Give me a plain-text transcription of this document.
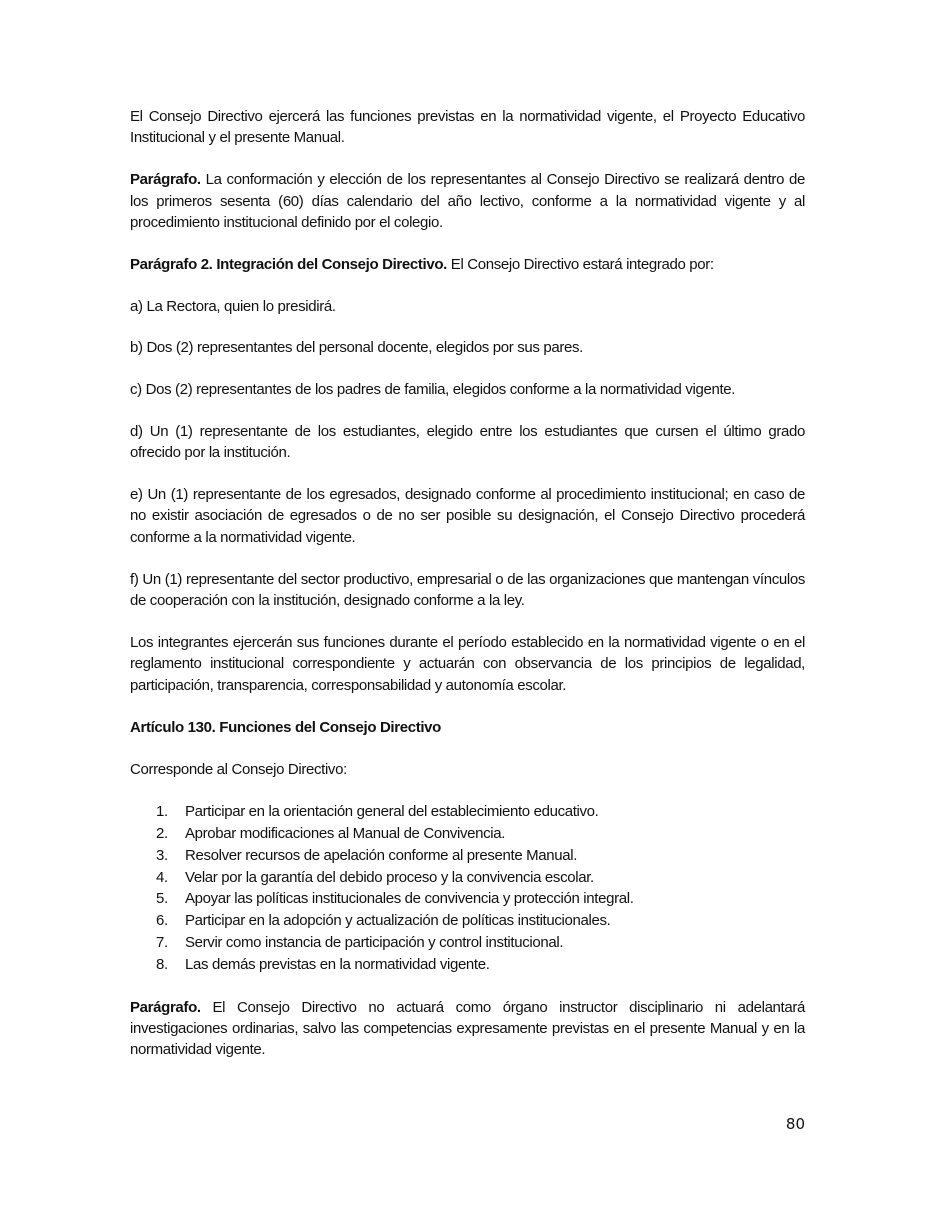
El Consejo Directivo ejercerá las funciones previstas en la normatividad vigente, el Proyecto Educativo Institucional y el presente Manual.

Parágrafo. La conformación y elección de los representantes al Consejo Directivo se realizará dentro de los primeros sesenta (60) días calendario del año lectivo, conforme a la normatividad vigente y al procedimiento institucional definido por el colegio.

Parágrafo 2. Integración del Consejo Directivo. El Consejo Directivo estará integrado por:

a) La Rectora, quien lo presidirá.

b) Dos (2) representantes del personal docente, elegidos por sus pares.

c) Dos (2) representantes de los padres de familia, elegidos conforme a la normatividad vigente.

d) Un (1) representante de los estudiantes, elegido entre los estudiantes que cursen el último grado ofrecido por la institución.

e) Un (1) representante de los egresados, designado conforme al procedimiento institucional; en caso de no existir asociación de egresados o de no ser posible su designación, el Consejo Directivo procederá conforme a la normatividad vigente.

f) Un (1) representante del sector productivo, empresarial o de las organizaciones que mantengan vínculos de cooperación con la institución, designado conforme a la ley.

Los integrantes ejercerán sus funciones durante el período establecido en la normatividad vigente o en el reglamento institucional correspondiente y actuarán con observancia de los principios de legalidad, participación, transparencia, corresponsabilidad y autonomía escolar.

Artículo 130. Funciones del Consejo Directivo

Corresponde al Consejo Directivo:

1.	Participar en la orientación general del establecimiento educativo.
2.	Aprobar modificaciones al Manual de Convivencia.
3.	Resolver recursos de apelación conforme al presente Manual.
4.	Velar por la garantía del debido proceso y la convivencia escolar.
5.	Apoyar las políticas institucionales de convivencia y protección integral.
6.	Participar en la adopción y actualización de políticas institucionales.
7.	Servir como instancia de participación y control institucional.
8.	Las demás previstas en la normatividad vigente.

Parágrafo. El Consejo Directivo no actuará como órgano instructor disciplinario ni adelantará investigaciones ordinarias, salvo las competencias expresamente previstas en el presente Manual y en la normatividad vigente.

80
